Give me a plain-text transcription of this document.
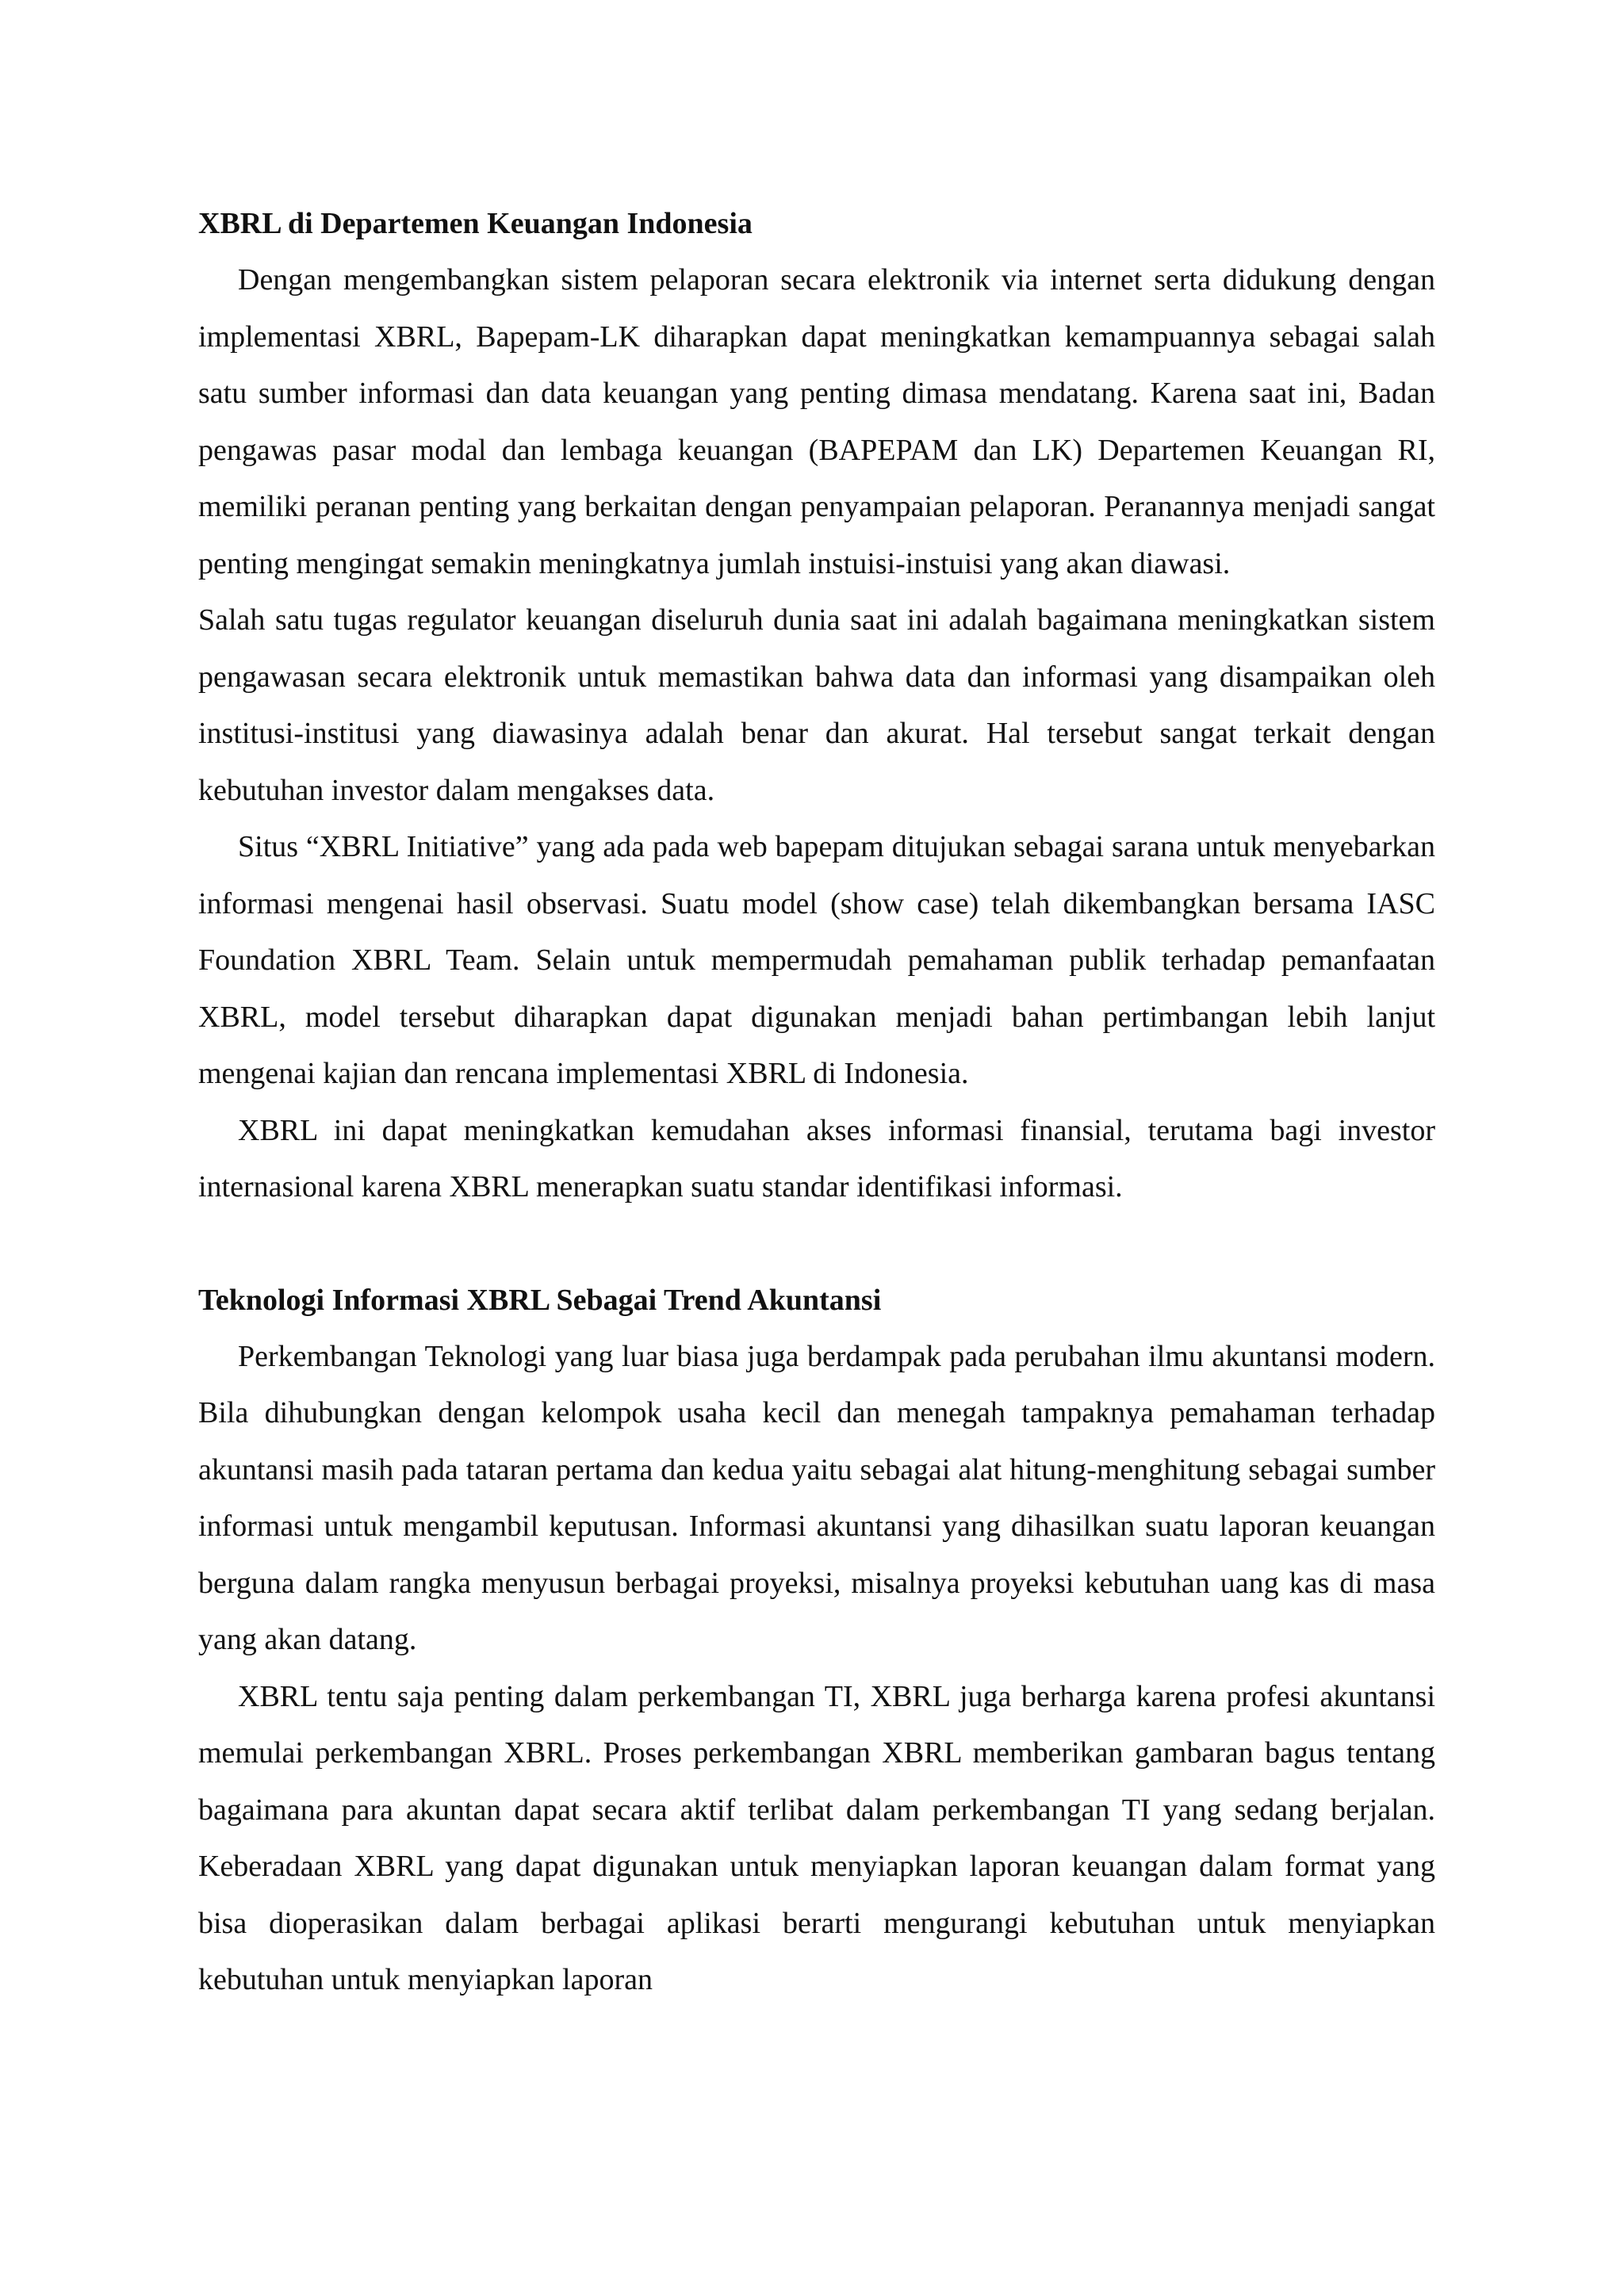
XBRL di Departemen Keuangan Indonesia

Dengan mengembangkan sistem pelaporan secara elektronik via internet serta didukung dengan implementasi XBRL, Bapepam-LK diharapkan dapat meningkatkan kemampuannya sebagai salah satu sumber informasi dan data keuangan yang penting dimasa mendatang. Karena saat ini, Badan pengawas pasar modal dan lembaga keuangan (BAPEPAM dan LK) Departemen Keuangan RI, memiliki peranan penting yang berkaitan dengan penyampaian pelaporan. Peranannya menjadi sangat penting mengingat semakin meningkatnya jumlah instuisi-instuisi yang akan diawasi.

Salah satu tugas regulator keuangan diseluruh dunia saat ini adalah bagaimana meningkatkan sistem pengawasan secara elektronik untuk memastikan bahwa data dan informasi yang disampaikan oleh institusi-institusi yang diawasinya adalah benar dan akurat. Hal tersebut sangat terkait dengan kebutuhan investor dalam mengakses data.

Situs “XBRL Initiative” yang ada pada web bapepam ditujukan sebagai sarana untuk menyebarkan informasi mengenai hasil observasi. Suatu model (show case) telah dikembangkan bersama IASC Foundation XBRL Team. Selain untuk mempermudah pemahaman publik terhadap pemanfaatan XBRL, model tersebut diharapkan dapat digunakan menjadi bahan pertimbangan lebih lanjut mengenai kajian dan rencana implementasi XBRL di Indonesia.

XBRL ini dapat meningkatkan kemudahan akses informasi finansial, terutama bagi investor internasional karena XBRL menerapkan suatu standar identifikasi informasi.

Teknologi Informasi XBRL Sebagai Trend Akuntansi

Perkembangan Teknologi yang luar biasa juga berdampak pada perubahan ilmu akuntansi modern. Bila dihubungkan dengan kelompok usaha kecil dan menegah tampaknya pemahaman terhadap akuntansi masih pada tataran pertama dan kedua yaitu sebagai alat hitung-menghitung sebagai sumber informasi untuk mengambil keputusan. Informasi akuntansi yang dihasilkan suatu laporan keuangan berguna dalam rangka menyusun berbagai proyeksi, misalnya proyeksi kebutuhan uang kas di masa yang akan datang.

XBRL tentu saja penting dalam perkembangan TI, XBRL juga berharga karena profesi akuntansi memulai perkembangan XBRL. Proses perkembangan XBRL memberikan gambaran bagus tentang bagaimana para akuntan dapat secara aktif terlibat dalam perkembangan TI yang sedang berjalan. Keberadaan XBRL yang dapat digunakan untuk menyiapkan laporan keuangan dalam format yang bisa dioperasikan dalam berbagai aplikasi berarti mengurangi kebutuhan untuk menyiapkan kebutuhan untuk menyiapkan laporan
